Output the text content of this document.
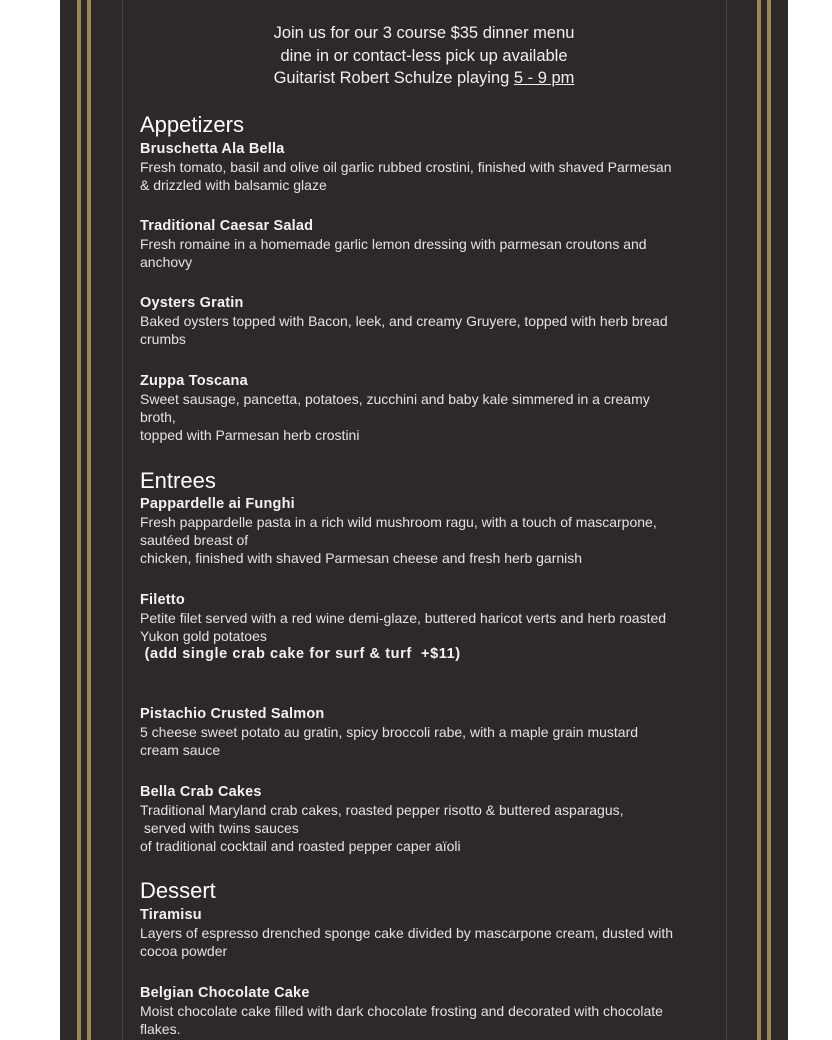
Join us for our 3 course $35 dinner menu
dine in or contact-less pick up available
Guitarist Robert Schulze playing 5 - 9 pm
Appetizers
Bruschetta Ala Bella
Fresh tomato, basil and olive oil garlic rubbed crostini, finished with shaved Parmesan
& drizzled with balsamic glaze
Traditional Caesar Salad
Fresh romaine in a homemade garlic lemon dressing with parmesan croutons and
anchovy
Oysters Gratin
Baked oysters topped with Bacon, leek, and creamy Gruyere, topped with herb bread
crumbs
Zuppa Toscana
Sweet sausage, pancetta, potatoes, zucchini and baby kale simmered in a creamy
broth,
topped with Parmesan herb crostini
Entrees
Pappardelle ai Funghi
Fresh pappardelle pasta in a rich wild mushroom ragu, with a touch of mascarpone,
sautéed breast of
chicken, finished with shaved Parmesan cheese and fresh herb garnish
Filetto
Petite filet served with a red wine demi-glaze, buttered haricot verts and herb roasted
Yukon gold potatoes
(add single crab cake for surf & turf  +$11)
Pistachio Crusted Salmon
5 cheese sweet potato au gratin, spicy broccoli rabe, with a maple grain mustard
cream sauce
Bella Crab Cakes
Traditional Maryland crab cakes, roasted pepper risotto & buttered asparagus,
served with twins sauces
of traditional cocktail and roasted pepper caper aïoli
Dessert
Tiramisu
Layers of espresso drenched sponge cake divided by mascarpone cream, dusted with
cocoa powder
Belgian Chocolate Cake
Moist chocolate cake filled with dark chocolate frosting and decorated with chocolate
flakes.
